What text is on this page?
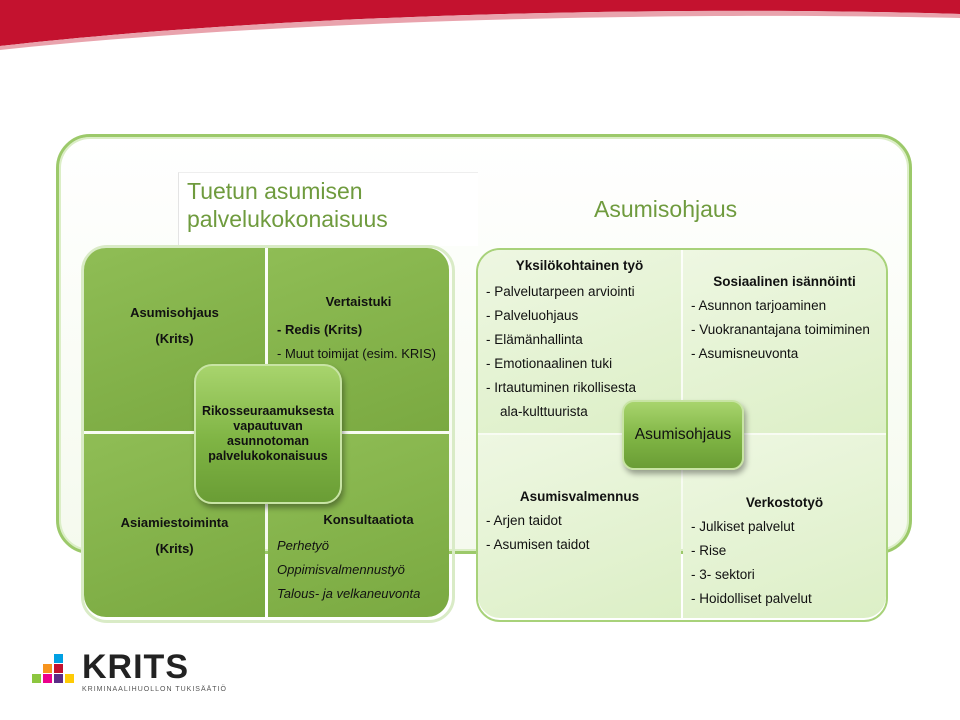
Tuetun asumisen
palvelukokonaisuus	Asumisohjaus
Asumisohjaus
(Krits)
Vertaistuki
- Redis (Krits)
- Muut toimijat (esim. KRIS)
Asiamiestoiminta
(Krits)
Konsultaatiota
Perhetyö
Oppimisvalmennustyö
Talous- ja velkaneuvonta
Rikosseuraamuksesta vapautuvan asunnotoman palvelukokonaisuus
Yksilökohtainen työ
- Palvelutarpeen arviointi
- Palveluohjaus
- Elämänhallinta
- Emotionaalinen tuki
- Irtautuminen rikollisesta
ala-kulttuurista
Sosiaalinen isännöinti
- Asunnon tarjoaminen
- Vuokranantajana toimiminen
- Asumisneuvonta
Asumisvalmennus
- Arjen taidot
- Asumisen taidot
Verkostotyö
- Julkiset palvelut
- Rise
- 3- sektori
- Hoidolliset palvelut
Asumisohjaus
KRITS
KRIMINAALIHUOLLON TUKISÄÄTIÖ
